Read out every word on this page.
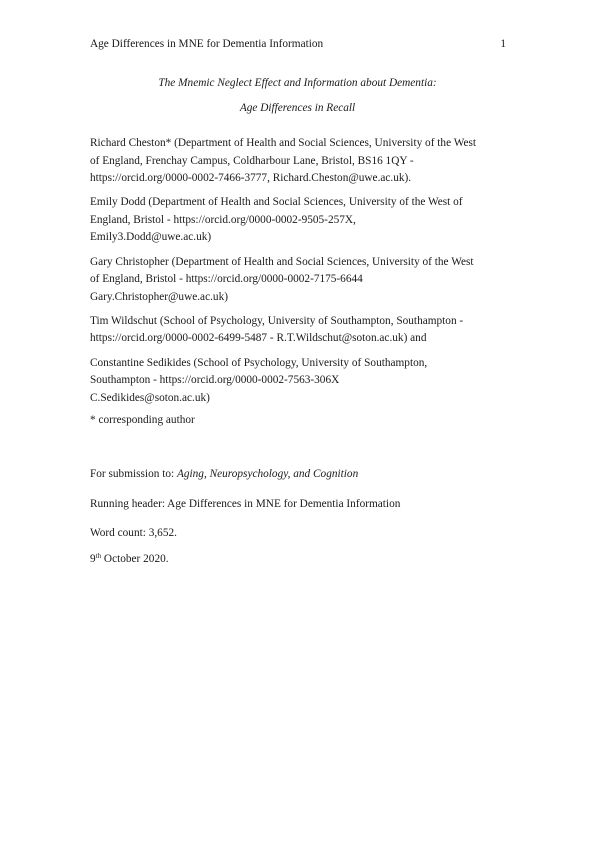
Age Differences in MNE for Dementia Information	1
The Mnemic Neglect Effect and Information about Dementia:
Age Differences in Recall
Richard Cheston* (Department of Health and Social Sciences, University of the West
of England, Frenchay Campus, Coldharbour Lane, Bristol, BS16 1QY -
https://orcid.org/0000-0002-7466-3777, Richard.Cheston@uwe.ac.uk).
Emily Dodd (Department of Health and Social Sciences, University of the West of
England, Bristol - https://orcid.org/0000-0002-9505-257X,
Emily3.Dodd@uwe.ac.uk)
Gary Christopher (Department of Health and Social Sciences, University of the West
of England, Bristol - https://orcid.org/0000-0002-7175-6644
Gary.Christopher@uwe.ac.uk)
Tim Wildschut (School of Psychology, University of Southampton, Southampton -
https://orcid.org/0000-0002-6499-5487 - R.T.Wildschut@soton.ac.uk) and
Constantine Sedikides (School of Psychology, University of Southampton,
Southampton - https://orcid.org/0000-0002-7563-306X
C.Sedikides@soton.ac.uk)
* corresponding author
For submission to: Aging, Neuropsychology, and Cognition
Running header: Age Differences in MNE for Dementia Information
Word count: 3,652.
9th October 2020.
